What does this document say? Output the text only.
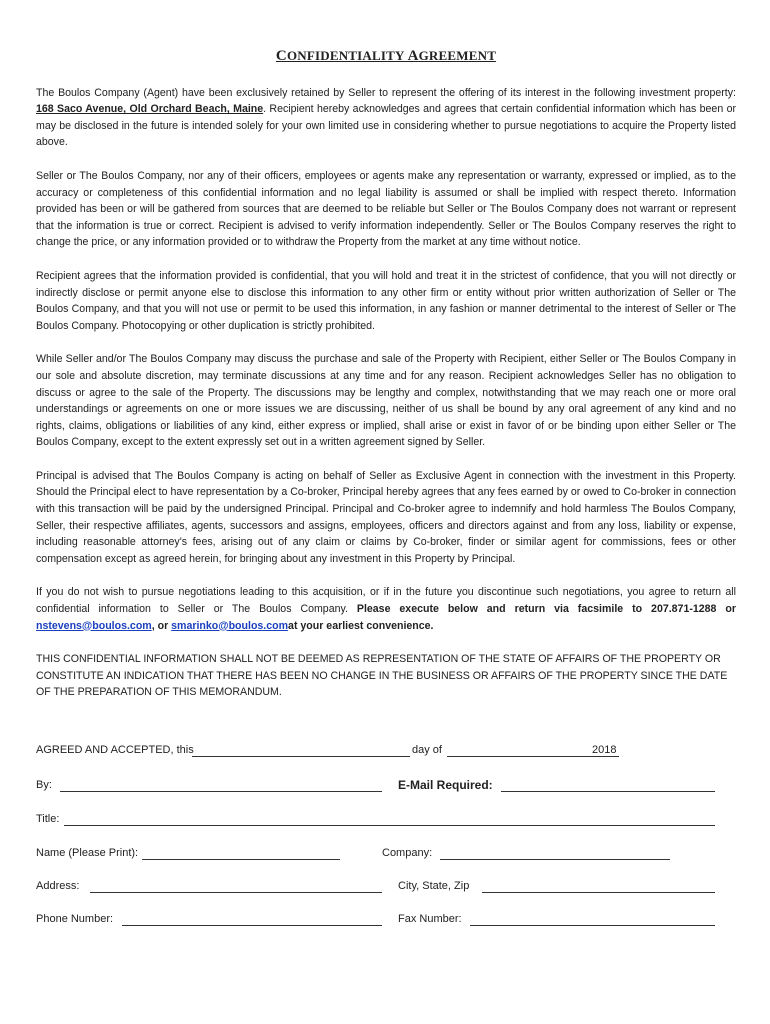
CONFIDENTIALITY AGREEMENT

The Boulos Company (Agent) have been exclusively retained by Seller to represent the offering of its interest in the following investment property: 168 Saco Avenue, Old Orchard Beach, Maine. Recipient hereby acknowledges and agrees that certain confidential information which has been or may be disclosed in the future is intended solely for your own limited use in considering whether to pursue negotiations to acquire the Property listed above.

Seller or The Boulos Company, nor any of their officers, employees or agents make any representation or warranty, expressed or implied, as to the accuracy or completeness of this confidential information and no legal liability is assumed or shall be implied with respect thereto. Information provided has been or will be gathered from sources that are deemed to be reliable but Seller or The Boulos Company does not warrant or represent that the information is true or correct. Recipient is advised to verify information independently. Seller or The Boulos Company reserves the right to change the price, or any information provided or to withdraw the Property from the market at any time without notice.

Recipient agrees that the information provided is confidential, that you will hold and treat it in the strictest of confidence, that you will not directly or indirectly disclose or permit anyone else to disclose this information to any other firm or entity without prior written authorization of Seller or The Boulos Company, and that you will not use or permit to be used this information, in any fashion or manner detrimental to the interest of Seller or The Boulos Company. Photocopying or other duplication is strictly prohibited.

While Seller and/or The Boulos Company may discuss the purchase and sale of the Property with Recipient, either Seller or The Boulos Company in our sole and absolute discretion, may terminate discussions at any time and for any reason. Recipient acknowledges Seller has no obligation to discuss or agree to the sale of the Property. The discussions may be lengthy and complex, notwithstanding that we may reach one or more oral understandings or agreements on one or more issues we are discussing, neither of us shall be bound by any oral agreement of any kind and no rights, claims, obligations or liabilities of any kind, either express or implied, shall arise or exist in favor of or be binding upon either Seller or The Boulos Company, except to the extent expressly set out in a written agreement signed by Seller.

Principal is advised that The Boulos Company is acting on behalf of Seller as Exclusive Agent in connection with the investment in this Property. Should the Principal elect to have representation by a Co-broker, Principal hereby agrees that any fees earned by or owed to Co-broker in connection with this transaction will be paid by the undersigned Principal. Principal and Co-broker agree to indemnify and hold harmless The Boulos Company, Seller, their respective affiliates, agents, successors and assigns, employees, officers and directors against and from any loss, liability or expense, including reasonable attorney's fees, arising out of any claim or claims by Co-broker, finder or similar agent for commissions, fees or other compensation except as agreed herein, for bringing about any investment in this Property by Principal.

If you do not wish to pursue negotiations leading to this acquisition, or if in the future you discontinue such negotiations, you agree to return all confidential information to Seller or The Boulos Company. Please execute below and return via facsimile to 207.871-1288 or nstevens@boulos.com, or smarinko@boulos.comat your earliest convenience.

THIS CONFIDENTIAL INFORMATION SHALL NOT BE DEEMED AS REPRESENTATION OF THE STATE OF AFFAIRS OF THE PROPERTY OR CONSTITUTE AN INDICATION THAT THERE HAS BEEN NO CHANGE IN THE BUSINESS OR AFFAIRS OF THE PROPERTY SINCE THE DATE OF THE PREPARATION OF THIS MEMORANDUM.

AGREED AND ACCEPTED, this	day of	2018
By:	E-Mail Required:
Title:
Name (Please Print):	Company:
Address:	City, State, Zip
Phone Number:	Fax Number:
